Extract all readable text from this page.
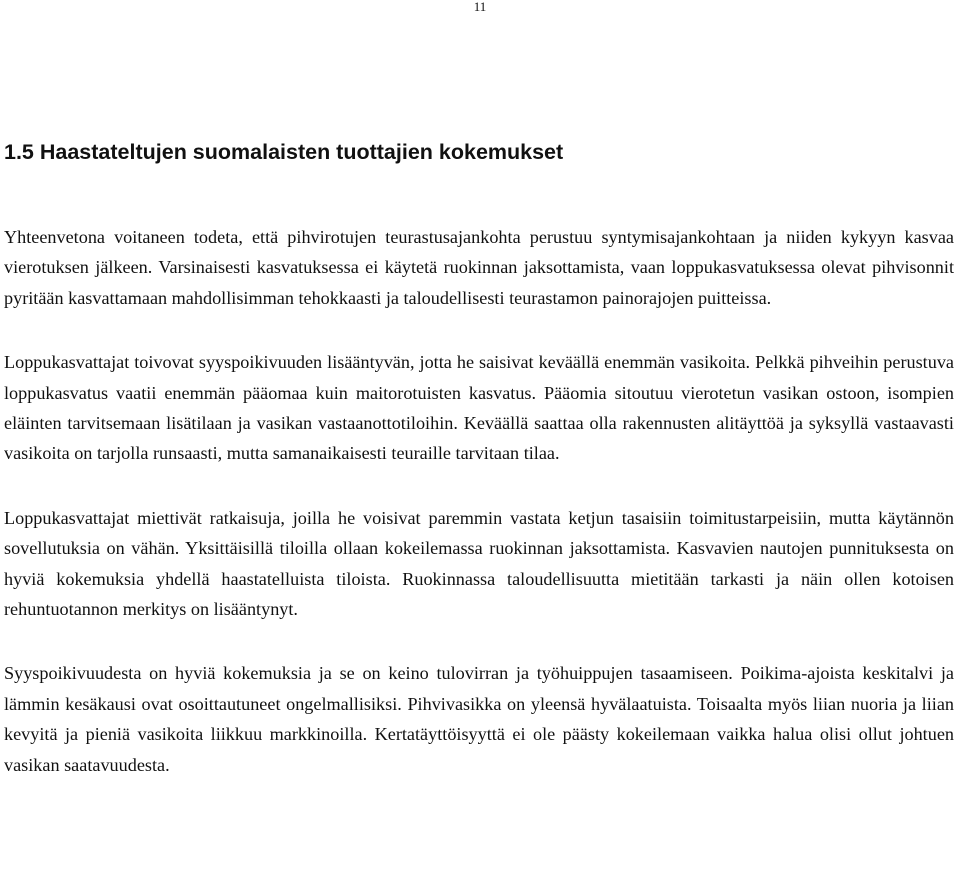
11
1.5 Haastateltujen suomalaisten tuottajien kokemukset

Yhteenvetona voitaneen todeta, että pihvirotujen teurastusajankohta perustuu syntymisajankohtaan ja niiden kykyyn kasvaa vierotuksen jälkeen. Varsinaisesti kasvatuksessa ei käytetä ruokinnan jaksottamista, vaan loppukasvatuksessa olevat pihvisonnit pyritään kasvattamaan mahdollisimman tehokkaasti ja taloudellisesti teurastamon painorajojen puitteissa.

Loppukasvattajat toivovat syyspoikivuuden lisääntyvän, jotta he saisivat keväällä enemmän vasikoita. Pelkkä pihveihin perustuva loppukasvatus vaatii enemmän pääomaa kuin maitorotuisten kasvatus. Pääomia sitoutuu vierotetun vasikan ostoon, isompien eläinten tarvitsemaan lisätilaan ja vasikan vastaanottotiloihin. Keväällä saattaa olla rakennusten alitäyttöä ja syksyllä vastaavasti vasikoita on tarjolla runsaasti, mutta samanaikaisesti teuraille tarvitaan tilaa.

Loppukasvattajat miettivät ratkaisuja, joilla he voisivat paremmin vastata ketjun tasaisiin toimitustarpeisiin, mutta käytännön sovellutuksia on vähän. Yksittäisillä tiloilla ollaan kokeilemassa ruokinnan jaksottamista. Kasvavien nautojen punnituksesta on hyviä kokemuksia yhdellä haastatelluista tiloista. Ruokinnassa taloudellisuutta mietitään tarkasti ja näin ollen kotoisen rehuntuotannon merkitys on lisääntynyt.

Syyspoikivuudesta on hyviä kokemuksia ja se on keino tulovirran ja työhuippujen tasaamiseen. Poikima-ajoista keskitalvi ja lämmin kesäkausi ovat osoittautuneet ongelmallisiksi. Pihvivasikka on yleensä hyvälaatuista. Toisaalta myös liian nuoria ja liian kevyitä ja pieniä vasikoita liikkuu markkinoilla. Kertatäyttöisyyttä ei ole päästy kokeilemaan vaikka halua olisi ollut johtuen vasikan saatavuudesta.
